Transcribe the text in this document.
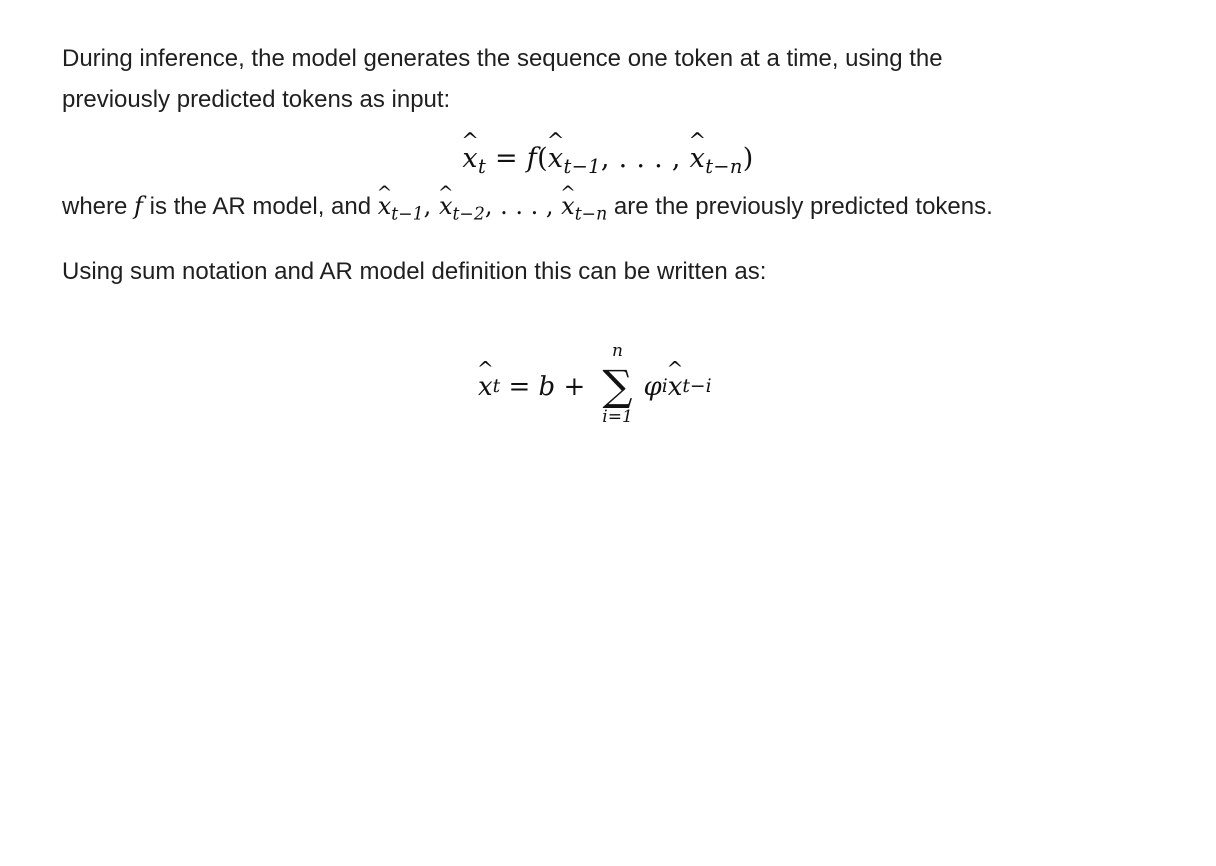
During inference, the model generates the sequence one token at a time, using the previously predicted tokens as input:

where f is the AR model, and ^ $x_{t-1}$, ^ $x_{t-2}$, . . . , ^ $x_{t-n}$ are the previously predicted tokens.

Using sum notation and AR model definition this can be written as:

^ $x_t$ = f(^ $x_{t-1}$, . . . , ^ $x_{t-n}$)
^ x t = b +
n
∑
i=1
φ i
^ x t−i
